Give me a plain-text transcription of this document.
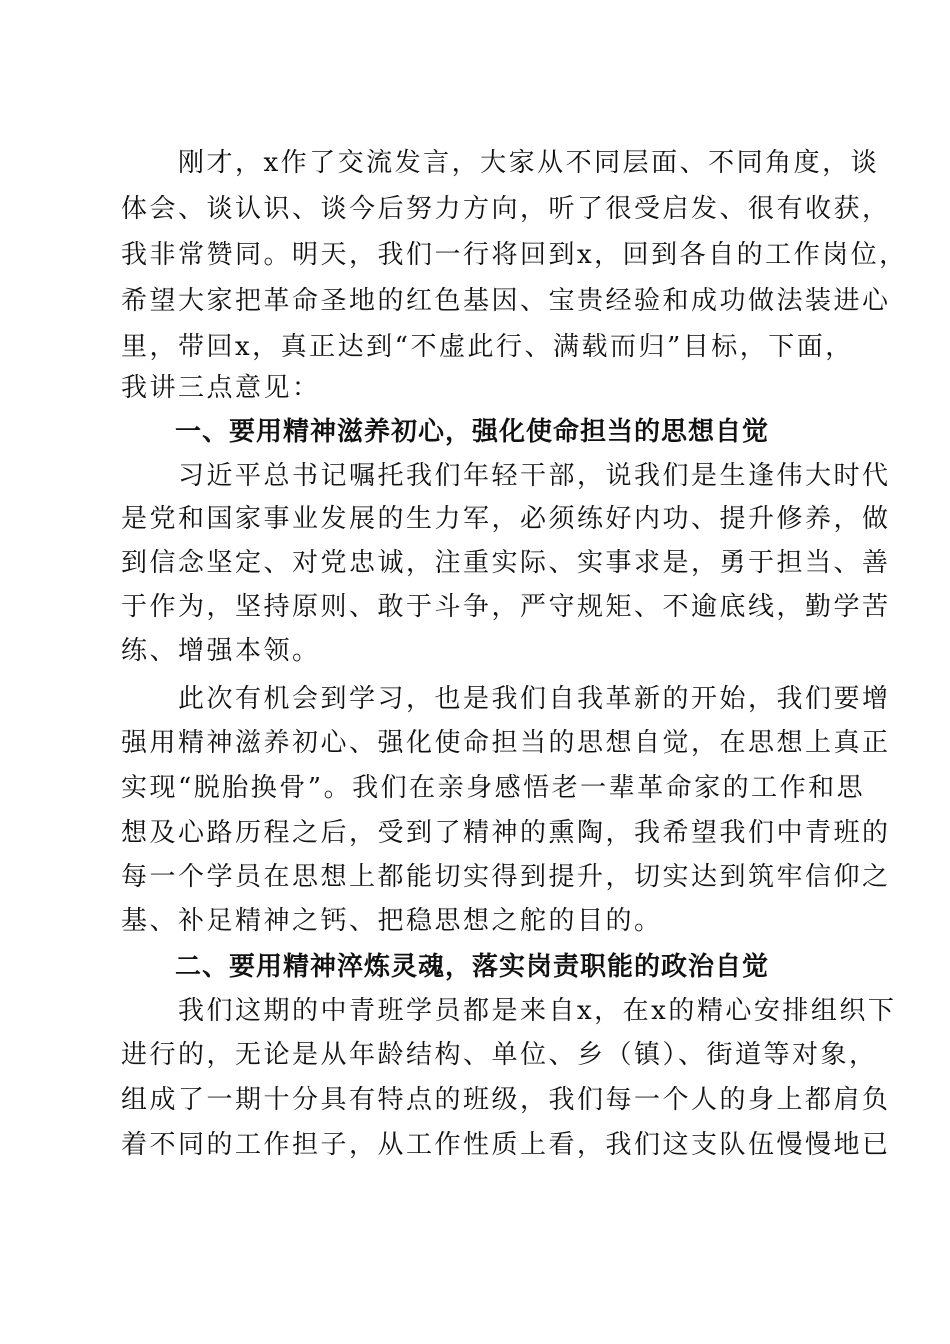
　　刚才，x作了交流发言，大家从不同层面、不同角度，谈
体会、谈认识、谈今后努力方向，听了很受启发、很有收获，
我非常赞同。明天，我们一行将回到x，回到各自的工作岗位，
希望大家把革命圣地的红色基因、宝贵经验和成功做法装进心
里，带回x，真正达到“不虚此行、满载而归”目标，下面，
我讲三点意见：
　　一、要用精神滋养初心，强化使命担当的思想自觉
　　习近平总书记嘱托我们年轻干部，说我们是生逢伟大时代
是党和国家事业发展的生力军，必须练好内功、提升修养，做
到信念坚定、对党忠诚，注重实际、实事求是，勇于担当、善
于作为，坚持原则、敢于斗争，严守规矩、不逾底线，勤学苦
练、增强本领。
　　此次有机会到学习，也是我们自我革新的开始，我们要增
强用精神滋养初心、强化使命担当的思想自觉，在思想上真正
实现“脱胎换骨”。我们在亲身感悟老一辈革命家的工作和思
想及心路历程之后，受到了精神的熏陶，我希望我们中青班的
每一个学员在思想上都能切实得到提升，切实达到筑牢信仰之
基、补足精神之钙、把稳思想之舵的目的。
　　二、要用精神淬炼灵魂，落实岗责职能的政治自觉
　　我们这期的中青班学员都是来自x，在x的精心安排组织下
进行的，无论是从年龄结构、单位、乡（镇）、街道等对象，
组成了一期十分具有特点的班级，我们每一个人的身上都肩负
着不同的工作担子，从工作性质上看，我们这支队伍慢慢地已
